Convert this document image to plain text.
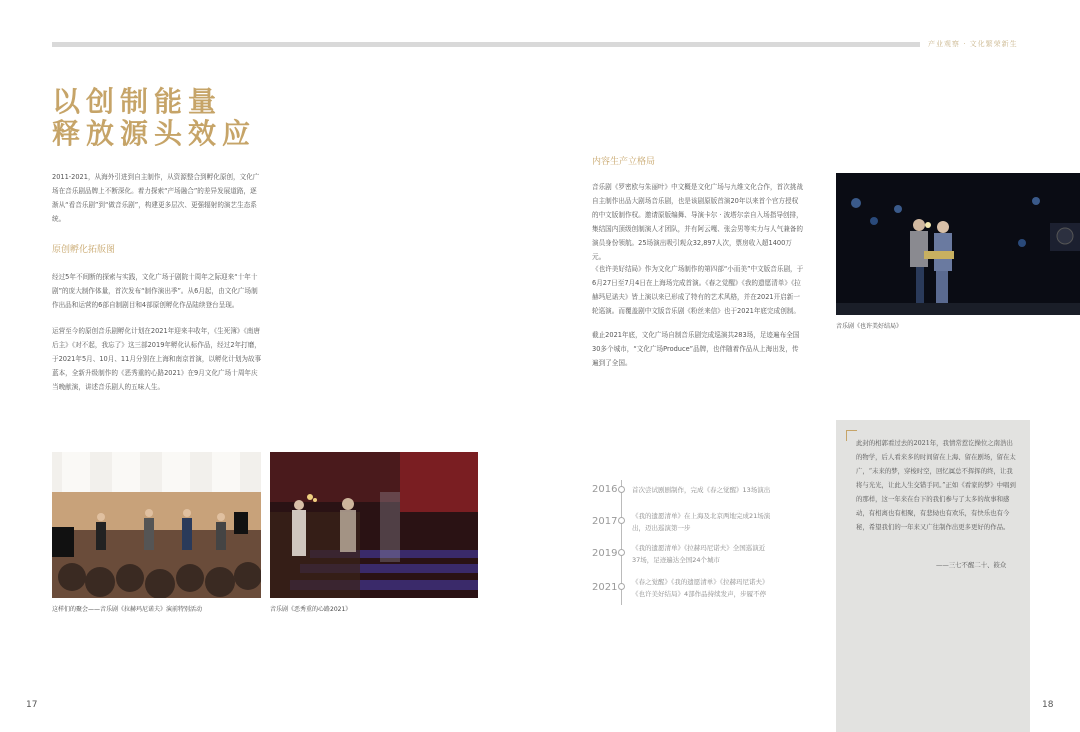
产业观察 · 文化繁荣新生
以创制能量
释放源头效应
2011-2021，从海外引进到自主制作，从资源整合到孵化原创，文化广场在音乐剧品牌上不断深化。着力探索“产场融合”的差异发展道路，逐渐从“看音乐剧”到“做音乐剧”，构建更多层次、更强辐射的演艺生态系统。
原创孵化拓版图
经过5年不间断的探索与实践，文化广场于剧院十周年之际迎来“十年十剧”的庞大制作体量，首次发布“制作演出季”。从6月起，由文化广场制作出品和运营的6部自制剧目和4部原创孵化作品陆续登台呈现。
运营至今的原创音乐剧孵化计划在2021年迎来丰收年，《生死簿》《南唐后主》《对不起，我忘了》这三部2019年孵化认标作品，经过2年打磨，于2021年5月、10月、11月分别在上海和南京首演，以孵化计划为故事蓝本，全新升级制作的《恶秀重的心路2021》在9月文化广场十周年庆当晚献演，讲述音乐剧人的五味人生。
这样们的聚会——音乐剧《拉赫玛尼诺夫》演前特别活动	音乐剧《恶秀重的心路2021》
17
内容生产立格局
音乐剧《罗密欧与朱丽叶》中文概是文化广场与九维文化合作，首次挑战自主制作出品大剧场音乐剧，也是该剧原版首演20年以来首个官方授权的中文版制作权。邀请原版编舞、导演卡尔 · 波塔尔亲自入场指导创排，集结国内顶级创制演人才团队，并有阿云嘎、张会男等实力与人气兼备的演员身份领航。25场演出吸引观众32,897人次，票房收入超1400万元。
《也许美好结局》作为文化广场制作的第四部“小而美”中文版音乐剧，于6月27日至7月4日在上海场完成首演。《春之觉醒》《我的遗愿清单》《拉赫玛尼诺夫》皆上演以来已形成了特有的艺术风格，并在2021开启新一轮巡演。而覆盖剧中文版音乐剧《粉丝来信》也于2021年底完成创制。
截止2021年底，文化广场自制音乐剧完成巡演共283场，足迹遍布全国30多个城市，“文化广场Produce”品牌，也伴随着作品从上海出发，传遍到了全国。
音乐剧《也许美好结局》
2016 首次尝试剧剧制作，完成《春之觉醒》13场演出
2017 《我的遗愿清单》在上海及北京两地完成21场演出，迈出巡演第一步
2019 《我的遗愿清单》《拉赫玛尼诺夫》全国巡演近37场，足迹遍达全国24个城市
2021 《春之觉醒》《我的遗愿清单》《拉赫玛尼诺夫》《也许美好结局》4部作品持续发声，步履不停
此封的相郭看过去的2021年，我情常惹讫操位之南浩出的物学，后人看来多的时间留在上海、留在剧场，留在太广，“未来的梦，穿梭时空，回忆属总不挥挥的终，让我将与光光，让此人生交错手同。”正如《看家的梦》中唱到的那样，这一年来在台下的我们参与了太多的故事和感动，有相离也有相聚，有悲恸也有欢乐，有快乐也有今秘，希望我们的一年来又广往制作出更多更好的作品。
——三七不醒二十、筱众
18
